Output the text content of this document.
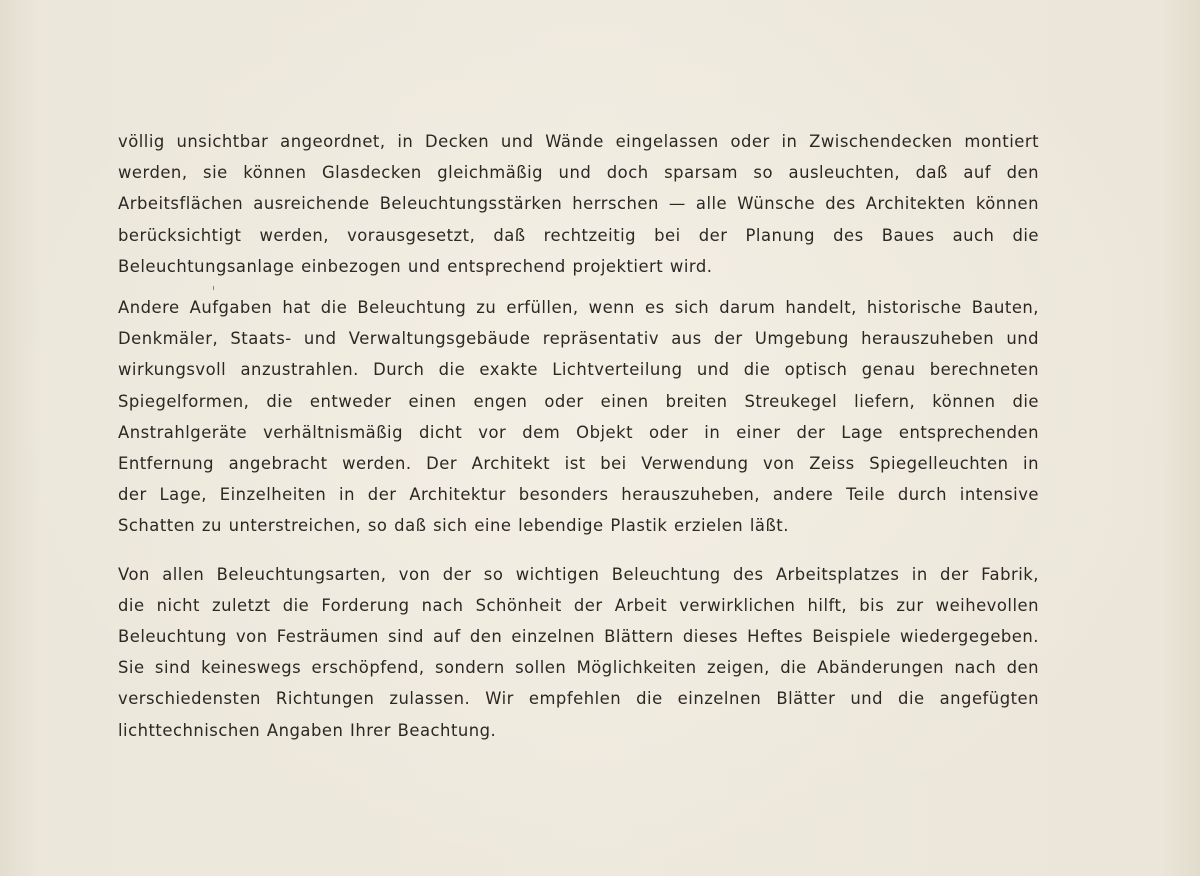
völlig unsichtbar angeordnet, in Decken und Wände eingelassen oder in Zwischendecken montiert
werden, sie können Glasdecken gleichmäßig und doch sparsam so ausleuchten, daß auf den
Arbeitsflächen ausreichende Beleuchtungsstärken herrschen — alle Wünsche des Architekten können
berücksichtigt werden, vorausgesetzt, daß rechtzeitig bei der Planung des Baues auch die
Beleuchtungsanlage einbezogen und entsprechend projektiert wird.
Andere Aufgaben hat die Beleuchtung zu erfüllen, wenn es sich darum handelt, historische Bauten,
Denkmäler, Staats- und Verwaltungsgebäude repräsentativ aus der Umgebung herauszuheben und
wirkungsvoll anzustrahlen. Durch die exakte Lichtverteilung und die optisch genau berechneten
Spiegelformen, die entweder einen engen oder einen breiten Streukegel liefern, können die
Anstrahlgeräte verhältnismäßig dicht vor dem Objekt oder in einer der Lage entsprechenden
Entfernung angebracht werden. Der Architekt ist bei Verwendung von Zeiss Spiegelleuchten in
der Lage, Einzelheiten in der Architektur besonders herauszuheben, andere Teile durch intensive
Schatten zu unterstreichen, so daß sich eine lebendige Plastik erzielen läßt.
Von allen Beleuchtungsarten, von der so wichtigen Beleuchtung des Arbeitsplatzes in der Fabrik,
die nicht zuletzt die Forderung nach Schönheit der Arbeit verwirklichen hilft, bis zur weihevollen
Beleuchtung von Festräumen sind auf den einzelnen Blättern dieses Heftes Beispiele wiedergegeben.
Sie sind keineswegs erschöpfend, sondern sollen Möglichkeiten zeigen, die Abänderungen nach den
verschiedensten Richtungen zulassen. Wir empfehlen die einzelnen Blätter und die angefügten
lichttechnischen Angaben Ihrer Beachtung.
